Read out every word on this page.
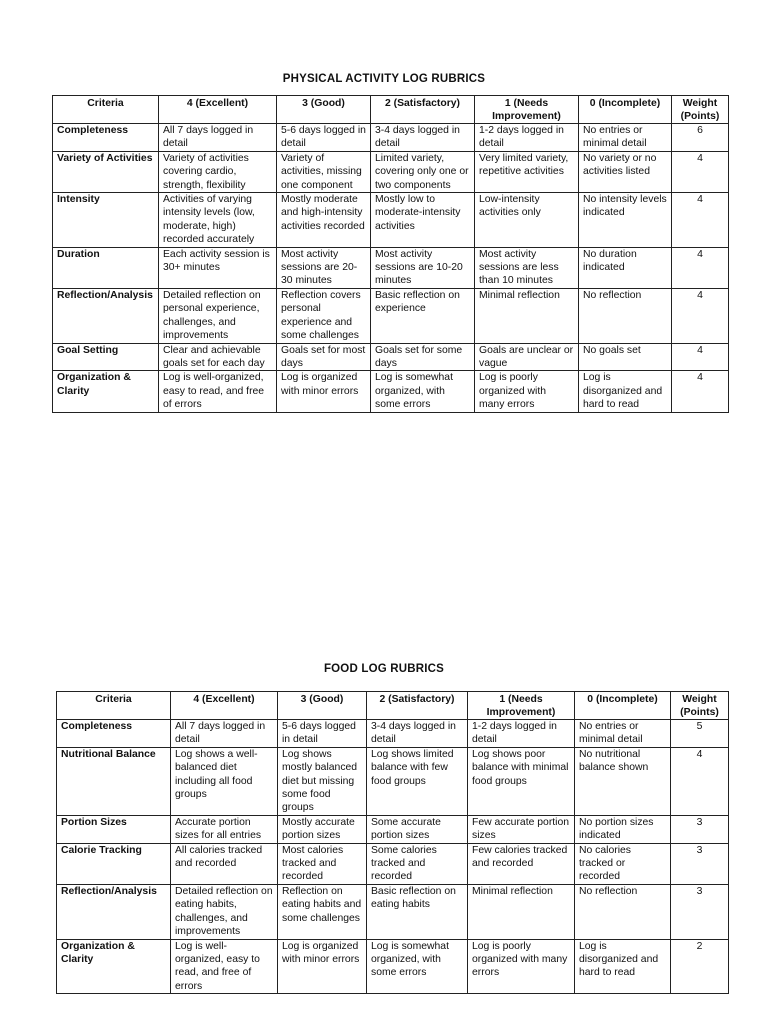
PHYSICAL ACTIVITY LOG RUBRICS
Criteria	4 (Excellent)	3 (Good)	2 (Satisfactory)	1 (Needs Improvement)	0 (Incomplete)	Weight (Points)
Completeness	All 7 days logged in detail	5-6 days logged in detail	3-4 days logged in detail	1-2 days logged in detail	No entries or minimal detail	6
Variety of Activities	Variety of activities covering cardio, strength, flexibility	Variety of activities, missing one component	Limited variety, covering only one or two components	Very limited variety, repetitive activities	No variety or no activities listed	4
Intensity	Activities of varying intensity levels (low, moderate, high) recorded accurately	Mostly moderate and high-intensity activities recorded	Mostly low to moderate-intensity activities	Low-intensity activities only	No intensity levels indicated	4
Duration	Each activity session is 30+ minutes	Most activity sessions are 20-30 minutes	Most activity sessions are 10-20 minutes	Most activity sessions are less than 10 minutes	No duration indicated	4
Reflection/Analysis	Detailed reflection on personal experience, challenges, and improvements	Reflection covers personal experience and some challenges	Basic reflection on experience	Minimal reflection	No reflection	4
Goal Setting	Clear and achievable goals set for each day	Goals set for most days	Goals set for some days	Goals are unclear or vague	No goals set	4
Organization & Clarity	Log is well-organized, easy to read, and free of errors	Log is organized with minor errors	Log is somewhat organized, with some errors	Log is poorly organized with many errors	Log is disorganized and hard to read	4
FOOD LOG RUBRICS
Criteria	4 (Excellent)	3 (Good)	2 (Satisfactory)	1 (Needs Improvement)	0 (Incomplete)	Weight (Points)
Completeness	All 7 days logged in detail	5-6 days logged in detail	3-4 days logged in detail	1-2 days logged in detail	No entries or minimal detail	5
Nutritional Balance	Log shows a well-balanced diet including all food groups	Log shows mostly balanced diet but missing some food groups	Log shows limited balance with few food groups	Log shows poor balance with minimal food groups	No nutritional balance shown	4
Portion Sizes	Accurate portion sizes for all entries	Mostly accurate portion sizes	Some accurate portion sizes	Few accurate portion sizes	No portion sizes indicated	3
Calorie Tracking	All calories tracked and recorded	Most calories tracked and recorded	Some calories tracked and recorded	Few calories tracked and recorded	No calories tracked or recorded	3
Reflection/Analysis	Detailed reflection on eating habits, challenges, and improvements	Reflection on eating habits and some challenges	Basic reflection on eating habits	Minimal reflection	No reflection	3
Organization & Clarity	Log is well-organized, easy to read, and free of errors	Log is organized with minor errors	Log is somewhat organized, with some errors	Log is poorly organized with many errors	Log is disorganized and hard to read	2
